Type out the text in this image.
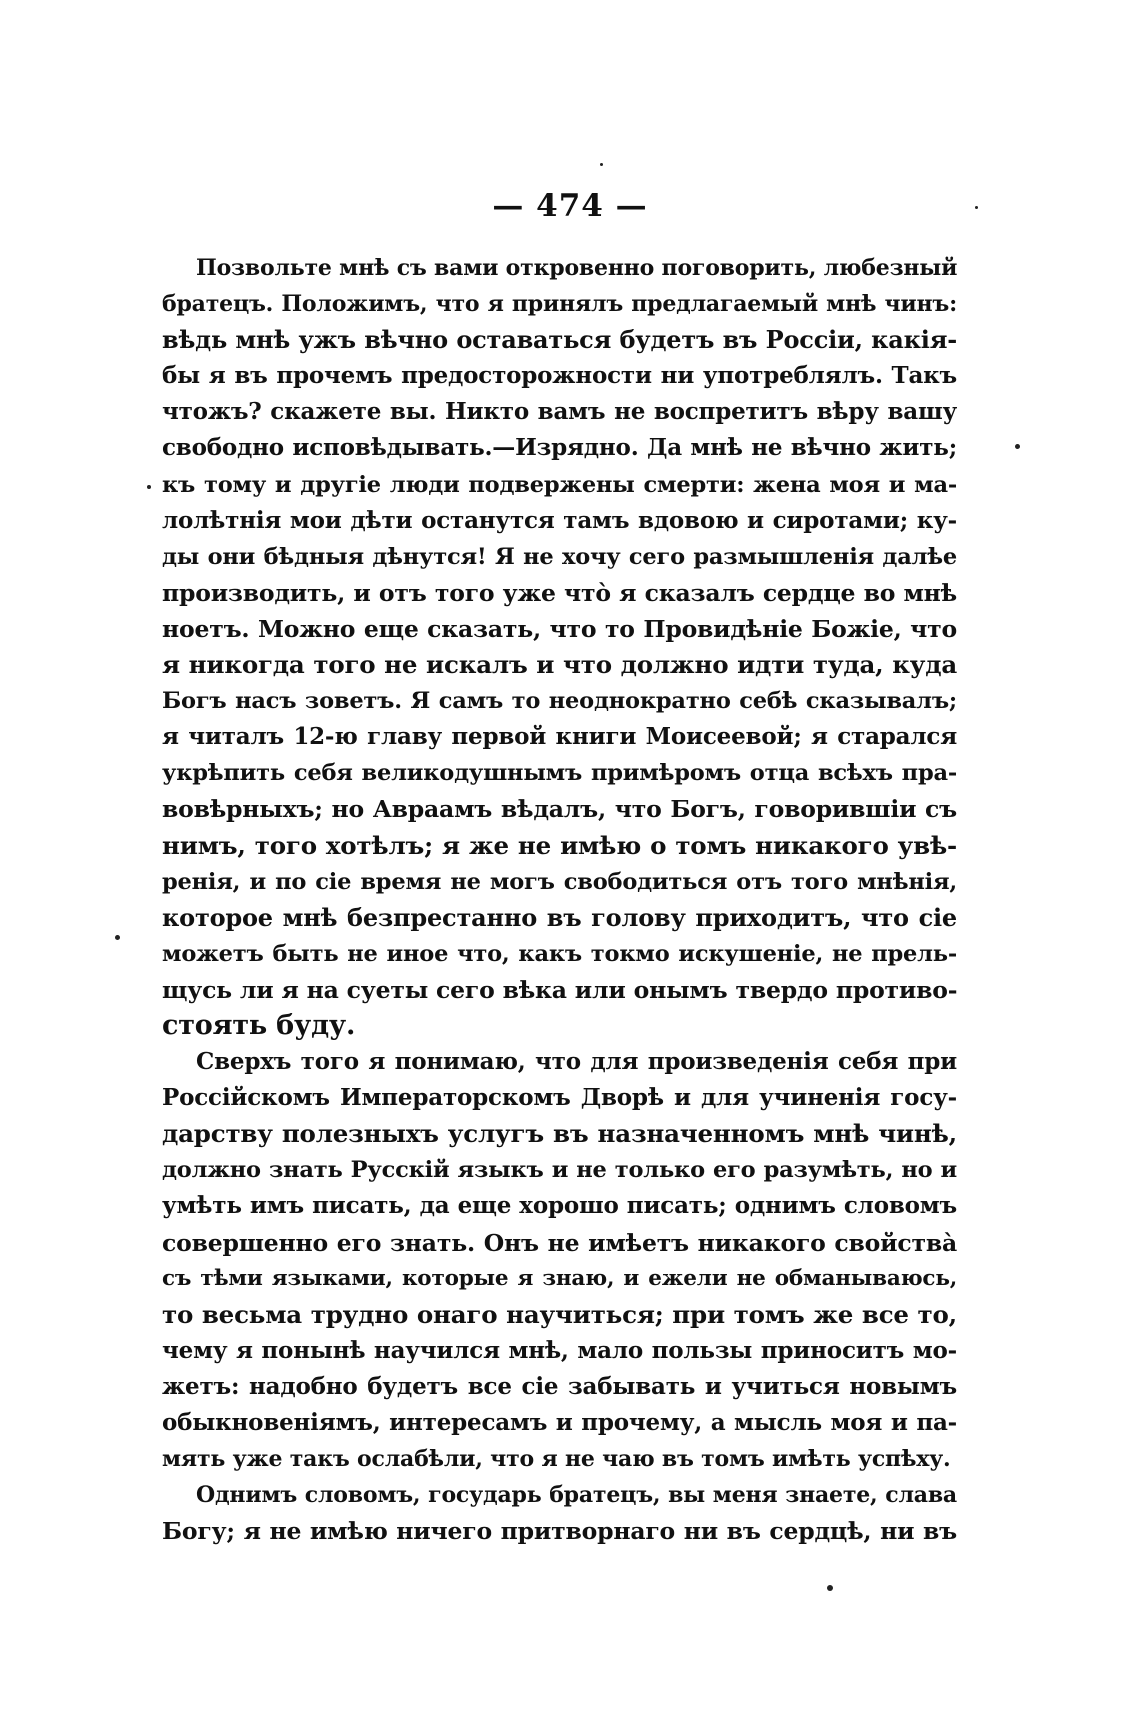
— 474 —
Позвольте мнѣ съ вами откровенно поговорить, любезный
братецъ. Положимъ, что я принялъ предлагаемый мнѣ чинъ:
вѣдь мнѣ ужъ вѣчно оставаться будетъ въ Россіи, какія-
бы я въ прочемъ предосторожности ни употреблялъ. Такъ
чтожъ? скажете вы. Никто вамъ не воспретитъ вѣру вашу
свободно исповѣдывать.—Изрядно. Да мнѣ не вѣчно жить;
къ тому и другіе люди подвержены смерти: жена моя и ма-
лолѣтнія мои дѣти останутся тамъ вдовою и сиротами; ку-
ды они бѣдныя дѣнутся! Я не хочу сего размышленія далѣе
производить, и отъ того уже что̀ я сказалъ сердце во мнѣ
ноетъ. Можно еще сказать, что то Провидѣніе Божіе, что
я никогда того не искалъ и что должно идти туда, куда
Богъ насъ зоветъ. Я самъ то неоднократно себѣ сказывалъ;
я читалъ 12-ю главу первой книги Моисеевой; я старался
укрѣпить себя великодушнымъ примѣромъ отца всѣхъ пра-
вовѣрныхъ; но Авраамъ вѣдалъ, что Богъ, говорившіи съ
нимъ, того хотѣлъ; я же не имѣю о томъ никакого увѣ-
ренія, и по сіе время не могъ свободиться отъ того мнѣнія,
которое мнѣ безпрестанно въ голову приходитъ, что сіе
можетъ быть не иное что, какъ токмо искушеніе, не прель-
щусь ли я на суеты сего вѣка или онымъ твердо противо-
стоять буду.
Сверхъ того я понимаю, что для произведенія себя при
Россійскомъ Императорскомъ Дворѣ и для учиненія госу-
дарству полезныхъ услугъ въ назначенномъ мнѣ чинѣ,
должно знать Русскій языкъ и не только его разумѣть, но и
умѣть имъ писать, да еще хорошо писать; однимъ словомъ
совершенно его знать. Онъ не имѣетъ никакого свойства̀
съ тѣми языками, которые я знаю, и ежели не обманываюсь,
то весьма трудно онаго научиться; при томъ же все то,
чему я понынѣ научился мнѣ, мало пользы приноситъ мо-
жетъ: надобно будетъ все сіе забывать и учиться новымъ
обыкновеніямъ, интересамъ и прочему, а мысль моя и па-
мять уже такъ ослабѣли, что я не чаю въ томъ имѣть успѣху.
Однимъ словомъ, государь братецъ, вы меня знаете, слава
Богу; я не имѣю ничего притворнаго ни въ сердцѣ, ни въ
